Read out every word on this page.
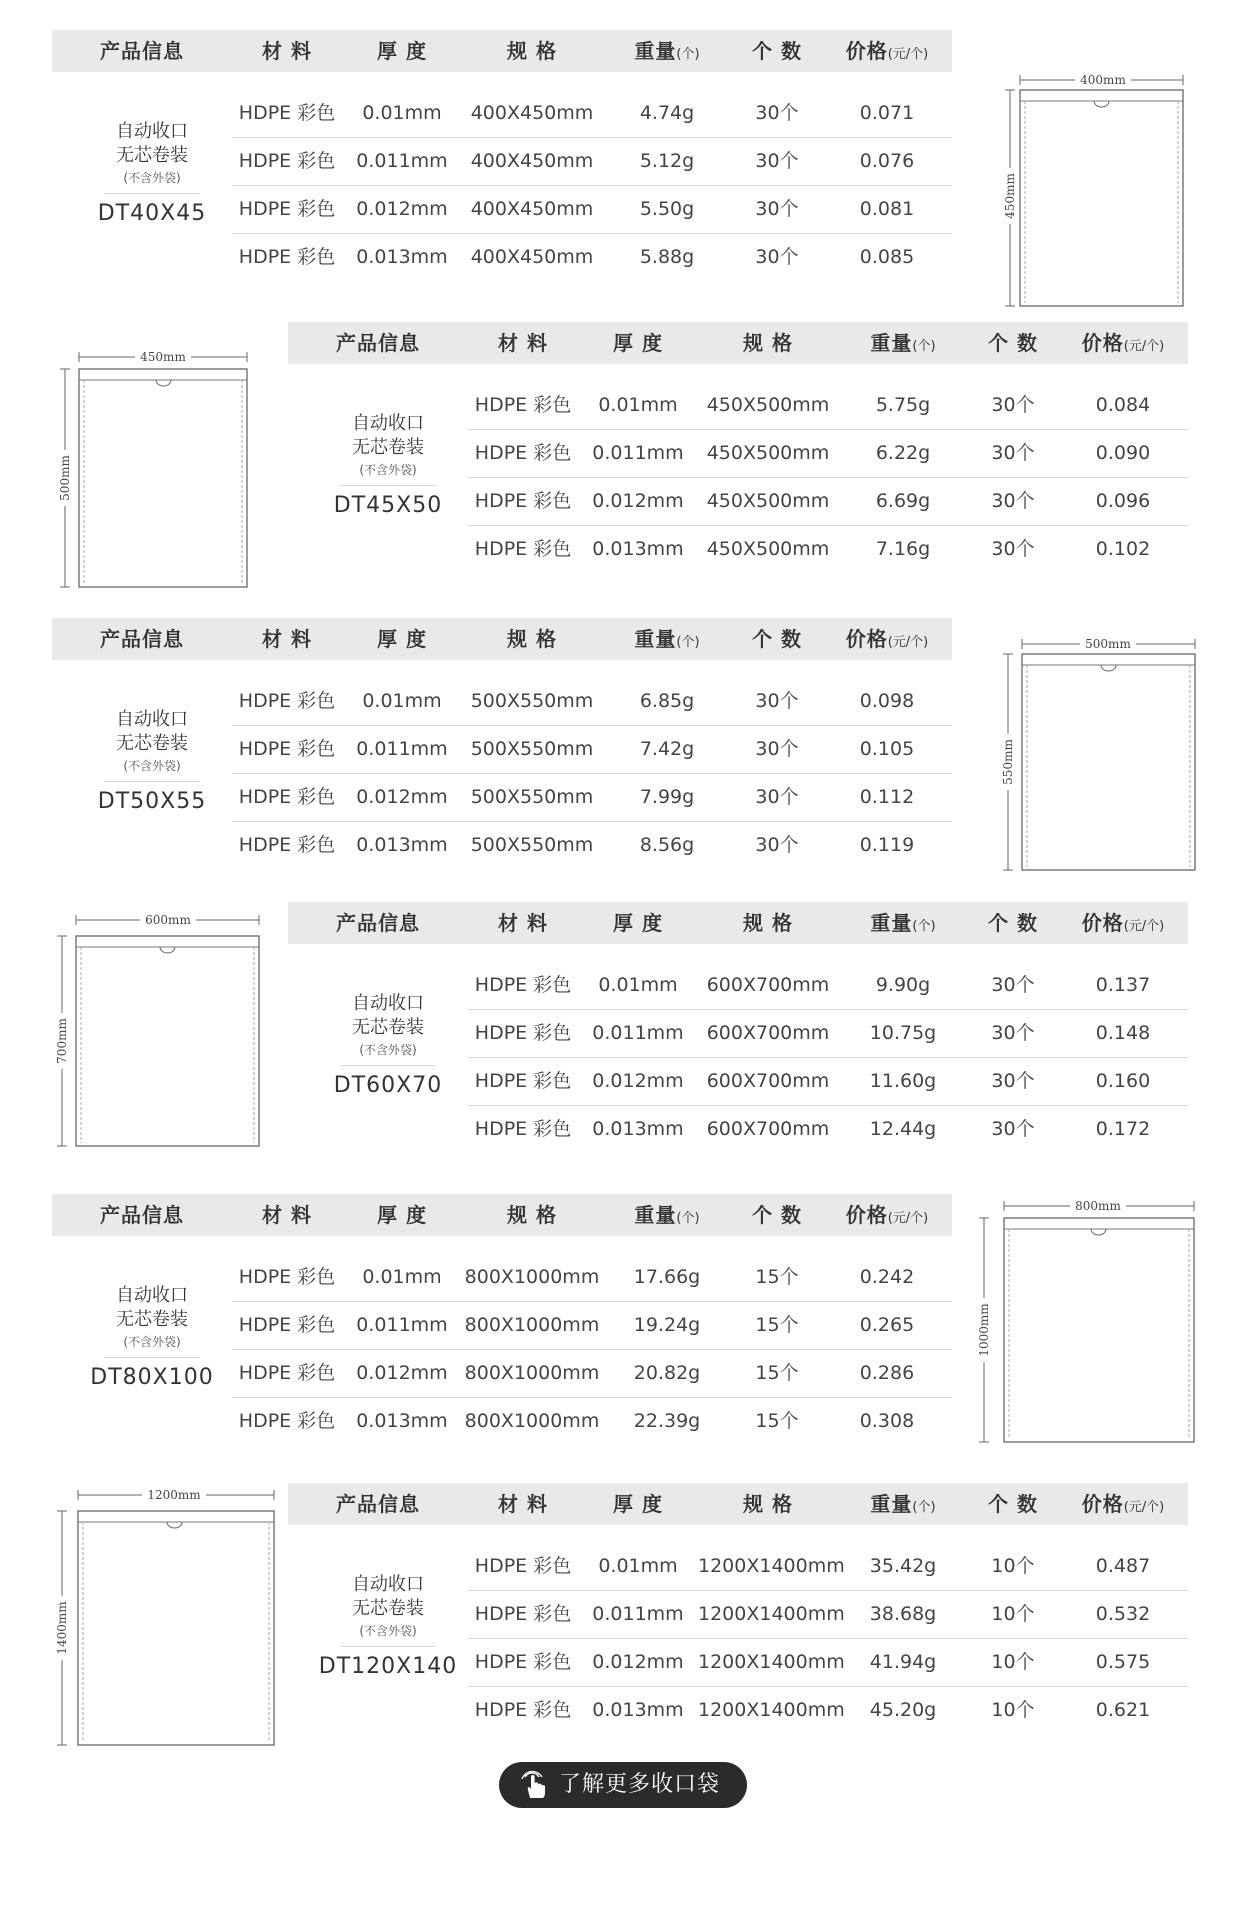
产品信息	材 料	厚 度	规 格	重量(个)	个 数	价格(元/个)
自动收口
无芯卷装
(不含外袋)
DT40X45
HDPE 彩色	0.01mm	400X450mm	4.74g	30个	0.071
HDPE 彩色	0.011mm	400X450mm	5.12g	30个	0.076
HDPE 彩色	0.012mm	400X450mm	5.50g	30个	0.081
HDPE 彩色	0.013mm	400X450mm	5.88g	30个	0.085
400mm
450mm
450mm
500mm
产品信息	材 料	厚 度	规 格	重量(个)	个 数	价格(元/个)
自动收口
无芯卷装
(不含外袋)
DT45X50
HDPE 彩色	0.01mm	450X500mm	5.75g	30个	0.084
HDPE 彩色	0.011mm	450X500mm	6.22g	30个	0.090
HDPE 彩色	0.012mm	450X500mm	6.69g	30个	0.096
HDPE 彩色	0.013mm	450X500mm	7.16g	30个	0.102
产品信息	材 料	厚 度	规 格	重量(个)	个 数	价格(元/个)
自动收口
无芯卷装
(不含外袋)
DT50X55
HDPE 彩色	0.01mm	500X550mm	6.85g	30个	0.098
HDPE 彩色	0.011mm	500X550mm	7.42g	30个	0.105
HDPE 彩色	0.012mm	500X550mm	7.99g	30个	0.112
HDPE 彩色	0.013mm	500X550mm	8.56g	30个	0.119
500mm
550mm
600mm
700mm
产品信息	材 料	厚 度	规 格	重量(个)	个 数	价格(元/个)
自动收口
无芯卷装
(不含外袋)
DT60X70
HDPE 彩色	0.01mm	600X700mm	9.90g	30个	0.137
HDPE 彩色	0.011mm	600X700mm	10.75g	30个	0.148
HDPE 彩色	0.012mm	600X700mm	11.60g	30个	0.160
HDPE 彩色	0.013mm	600X700mm	12.44g	30个	0.172
产品信息	材 料	厚 度	规 格	重量(个)	个 数	价格(元/个)
自动收口
无芯卷装
(不含外袋)
DT80X100
HDPE 彩色	0.01mm	800X1000mm	17.66g	15个	0.242
HDPE 彩色	0.011mm 800X1000mm	19.24g	15个	0.265
HDPE 彩色	0.012mm 800X1000mm	20.82g	15个	0.286
HDPE 彩色	0.013mm 800X1000mm	22.39g	15个	0.308
800mm
1000mm
1200mm
1400mm
产品信息	材 料	厚 度	规 格	重量(个)	个 数	价格(元/个)
自动收口
无芯卷装
(不含外袋)
DT120X140
HDPE 彩色	0.01mm	1200X1400mm	35.42g	10个	0.487
HDPE 彩色	0.011mm 1200X1400mm	38.68g	10个	0.532
HDPE 彩色	0.012mm 1200X1400mm	41.94g	10个	0.575
HDPE 彩色	0.013mm 1200X1400mm	45.20g	10个	0.621
了解更多收口袋
